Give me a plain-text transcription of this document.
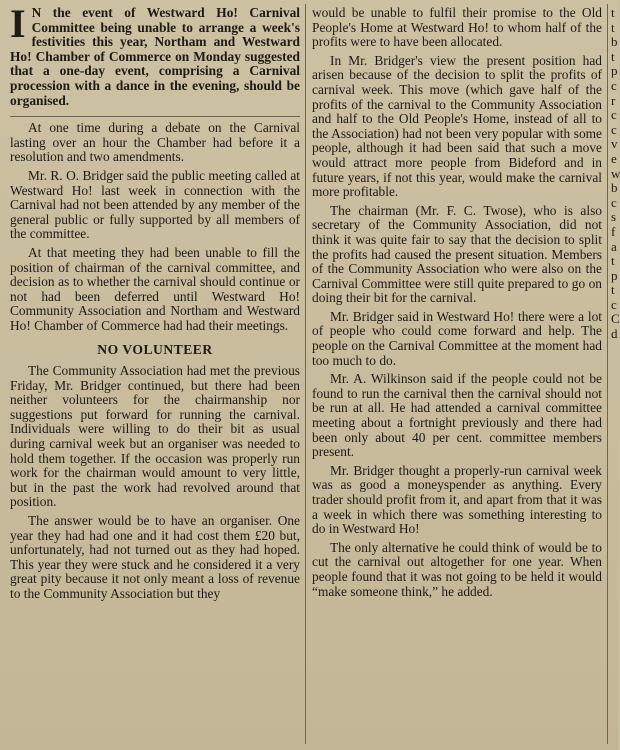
I N the event of Westward Ho! Carnival Committee being unable to arrange a week's festivities this year, Northam and Westward Ho! Chamber of Commerce on Monday suggested that a one-day event, comprising a Carnival procession with a dance in the evening, should be organised.

At one time during a debate on the Carnival lasting over an hour the Chamber had before it a resolution and two amendments.

Mr. R. O. Bridger said the public meeting called at Westward Ho! last week in connection with the Carnival had not been attended by any member of the general public or fully supported by all members of the committee.

At that meeting they had been unable to fill the position of chairman of the carnival committee, and decision as to whether the carnival should continue or not had been deferred until Westward Ho! Community Association and Northam and Westward Ho! Chamber of Commerce had had their meetings.

NO VOLUNTEER

The Community Association had met the previous Friday, Mr. Bridger continued, but there had been neither volunteers for the chairmanship nor suggestions put forward for running the carnival. Individuals were willing to do their bit as usual during carnival week but an organiser was needed to hold them together. If the occasion was properly run work for the chairman would amount to very little, but in the past the work had revolved around that position.

The answer would be to have an organiser. One year they had had one and it had cost them £20 but, unfortunately, had not turned out as they had hoped. This year they were stuck and he considered it a very great pity because it not only meant a loss of revenue to the Community Association but they

would be unable to fulfil their promise to the Old People's Home at Westward Ho! to whom half of the profits were to have been allocated.

In Mr. Bridger's view the present position had arisen because of the decision to split the profits of carnival week. This move (which gave half of the profits of the carnival to the Community Association and half to the Old People's Home, instead of all to the Association) had not been very popular with some people, although it had been said that such a move would attract more people from Bideford and in future years, if not this year, would make the carnival more profitable.

The chairman (Mr. F. C. Twose), who is also secretary of the Community Association, did not think it was quite fair to say that the decision to split the profits had caused the present situation. Members of the Community Association who were also on the Carnival Committee were still quite prepared to go on doing their bit for the carnival.

Mr. Bridger said in Westward Ho! there were a lot of people who could come forward and help. The people on the Carnival Committee at the moment had too much to do.

Mr. A. Wilkinson said if the people could not be found to run the carnival then the carnival should not be run at all. He had attended a carnival committee meeting about a fortnight previously and there had been only about 40 per cent. committee members present.

Mr. Bridger thought a properly-run carnival week was as good a moneyspender as anything. Every trader should profit from it, and apart from that it was a week in which there was something interesting to do in Westward Ho!

The only alternative he could think of would be to cut the carnival out altogether for one year. When people found that it was not going to be held it would “make someone think,” he added.

t
t
b
t
p
c
r
c
c
v
e
w
b
c
s
f
a
t
p
t
c
C
d
